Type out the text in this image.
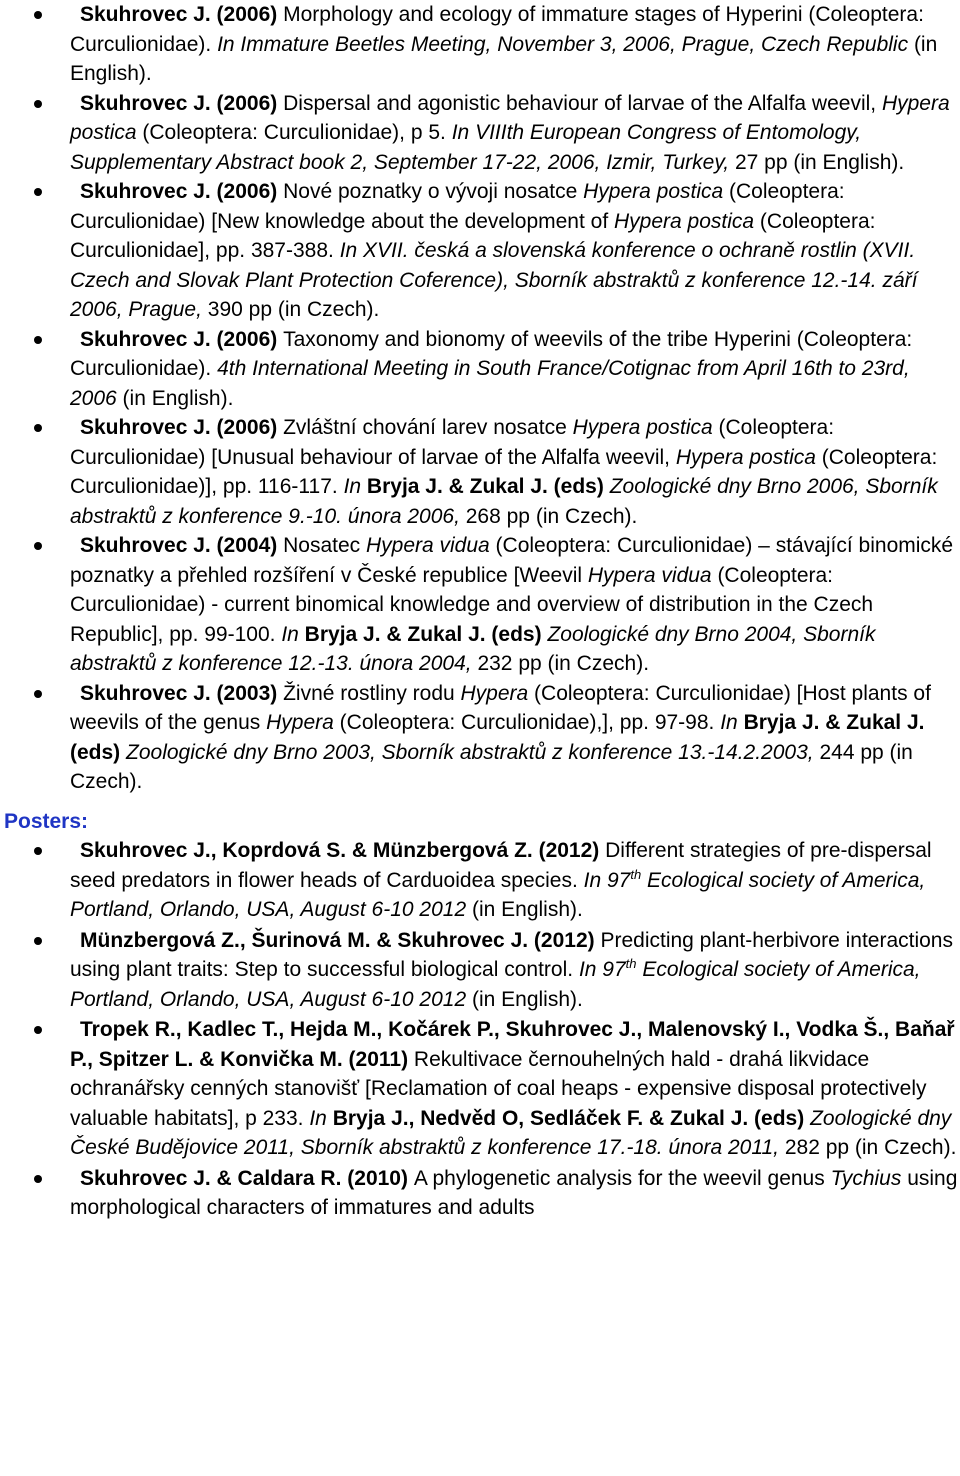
Skuhrovec J. (2006) Morphology and ecology of immature stages of Hyperini (Coleoptera: Curculionidae). In Immature Beetles Meeting, November 3, 2006, Prague, Czech Republic (in English).
Skuhrovec J. (2006) Dispersal and agonistic behaviour of larvae of the Alfalfa weevil, Hypera postica (Coleoptera: Curculionidae), p 5. In VIIIth European Congress of Entomology, Supplementary Abstract book 2, September 17-22, 2006, Izmir, Turkey, 27 pp (in English).
Skuhrovec J. (2006) Nové poznatky o vývoji nosatce Hypera postica (Coleoptera: Curculionidae) [New knowledge about the development of Hypera postica (Coleoptera: Curculionidae], pp. 387-388. In XVII. česká a slovenská konference o ochraně rostlin (XVII. Czech and Slovak Plant Protection Coference), Sborník abstraktů z konference 12.-14. září 2006, Prague, 390 pp (in Czech).
Skuhrovec J. (2006) Taxonomy and bionomy of weevils of the tribe Hyperini (Coleoptera: Curculionidae). 4th International Meeting in South France/Cotignac from April 16th to 23rd, 2006 (in English).
Skuhrovec J. (2006) Zvláštní chování larev nosatce Hypera postica (Coleoptera: Curculionidae) [Unusual behaviour of larvae of the Alfalfa weevil, Hypera postica (Coleoptera: Curculionidae)], pp. 116-117. In Bryja J. & Zukal J. (eds) Zoologické dny Brno 2006, Sborník abstraktů z konference 9.-10. února 2006, 268 pp (in Czech).
Skuhrovec J. (2004) Nosatec Hypera vidua (Coleoptera: Curculionidae) – stávající binomické poznatky a přehled rozšíření v České republice [Weevil Hypera vidua (Coleoptera: Curculionidae) - current binomical knowledge and overview of distribution in the Czech Republic], pp. 99-100. In Bryja J. & Zukal J. (eds) Zoologické dny Brno 2004, Sborník abstraktů z konference 12.-13. února 2004, 232 pp (in Czech).
Skuhrovec J. (2003) Živné rostliny rodu Hypera (Coleoptera: Curculionidae) [Host plants of weevils of the genus Hypera (Coleoptera: Curculionidae),], pp. 97-98. In Bryja J. & Zukal J. (eds) Zoologické dny Brno 2003, Sborník abstraktů z konference 13.-14.2.2003, 244 pp (in Czech).
Posters:
Skuhrovec J., Koprdová S. & Münzbergová Z. (2012) Different strategies of pre-dispersal seed predators in flower heads of Carduoidea species. In 97th Ecological society of America, Portland, Orlando, USA, August 6-10 2012 (in English).
Münzbergová Z., Šurinová M. & Skuhrovec J. (2012) Predicting plant-herbivore interactions using plant traits: Step to successful biological control. In 97th Ecological society of America, Portland, Orlando, USA, August 6-10 2012 (in English).
Tropek R., Kadlec T., Hejda M., Kočárek P., Skuhrovec J., Malenovský I., Vodka Š., Baňař P., Spitzer L. & Konvička M. (2011) Rekultivace černouhelných hald - drahá likvidace ochranářsky cenných stanovišť [Reclamation of coal heaps - expensive disposal protectively valuable habitats], p 233. In Bryja J., Nedvěd O, Sedláček F. & Zukal J. (eds) Zoologické dny České Budějovice 2011, Sborník abstraktů z konference 17.-18. února 2011, 282 pp (in Czech).
Skuhrovec J. & Caldara R. (2010) A phylogenetic analysis for the weevil genus Tychius using morphological characters of immatures and adults
